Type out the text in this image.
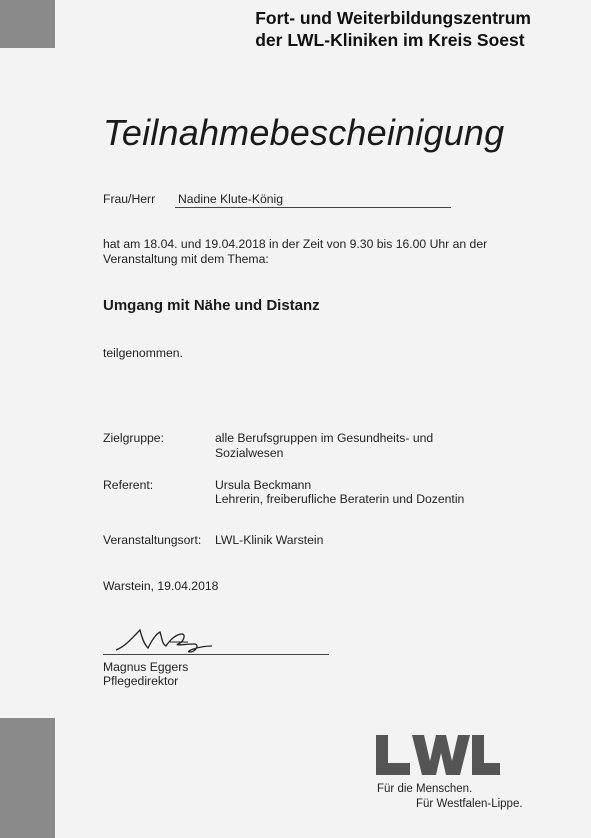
Fort- und Weiterbildungszentrum
der LWL-Kliniken im Kreis Soest
Teilnahmebescheinigung
Frau/Herr Nadine Klute-König
hat am 18.04. und 19.04.2018 in der Zeit von 9.30 bis 16.00 Uhr an der
Veranstaltung mit dem Thema:
Umgang mit Nähe und Distanz
teilgenommen.
Zielgruppe:	alle Berufsgruppen im Gesundheits- und
Sozialwesen
Referent:	Ursula Beckmann
Lehrerin, freiberufliche Beraterin und Dozentin
Veranstaltungsort: LWL-Klinik Warstein
Warstein, 19.04.2018
Magnus Eggers
Pflegedirektor
Für die Menschen.
Für Westfalen-Lippe.
